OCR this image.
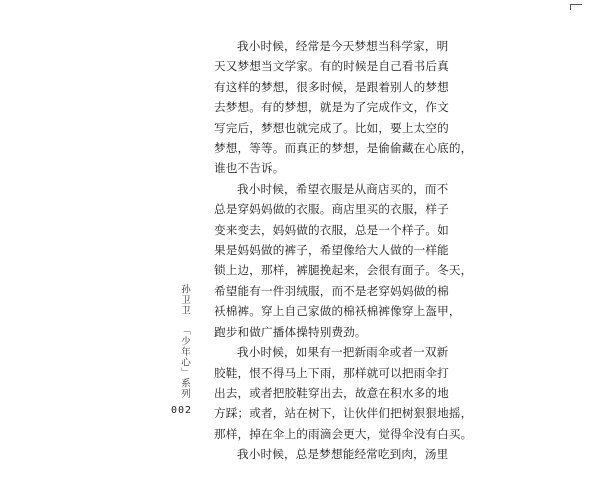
我小时候，经常是今天梦想当科学家，明
天又梦想当文学家。有的时候是自己看书后真
有这样的梦想，很多时候，是跟着别人的梦想
去梦想。有的梦想，就是为了完成作文，作文
写完后，梦想也就完成了。比如，要上太空的
梦想，等等。而真正的梦想，是偷偷藏在心底的，
谁也不告诉。

我小时候，希望衣服是从商店买的，而不
总是穿妈妈做的衣服。商店里买的衣服，样子
变来变去，妈妈做的衣服，总是一个样子。如
果是妈妈做的裤子，希望像给大人做的一样能
锁上边，那样，裤腿挽起来，会很有面子。冬天，
希望能有一件羽绒服，而不是老穿妈妈做的棉
袄棉裤。穿上自己家做的棉袄棉裤像穿上盔甲，
跑步和做广播体操特别费劲。

我小时候，如果有一把新雨伞或者一双新
胶鞋，恨不得马上下雨，那样就可以把雨伞打
出去，或者把胶鞋穿出去，故意在积水多的地
方踩；或者，站在树下，让伙伴们把树狠狠地摇，
那样，掉在伞上的雨滴会更大，觉得伞没有白买。

我小时候，总是梦想能经常吃到肉，汤里

孙卫卫「少年心」系列
002
